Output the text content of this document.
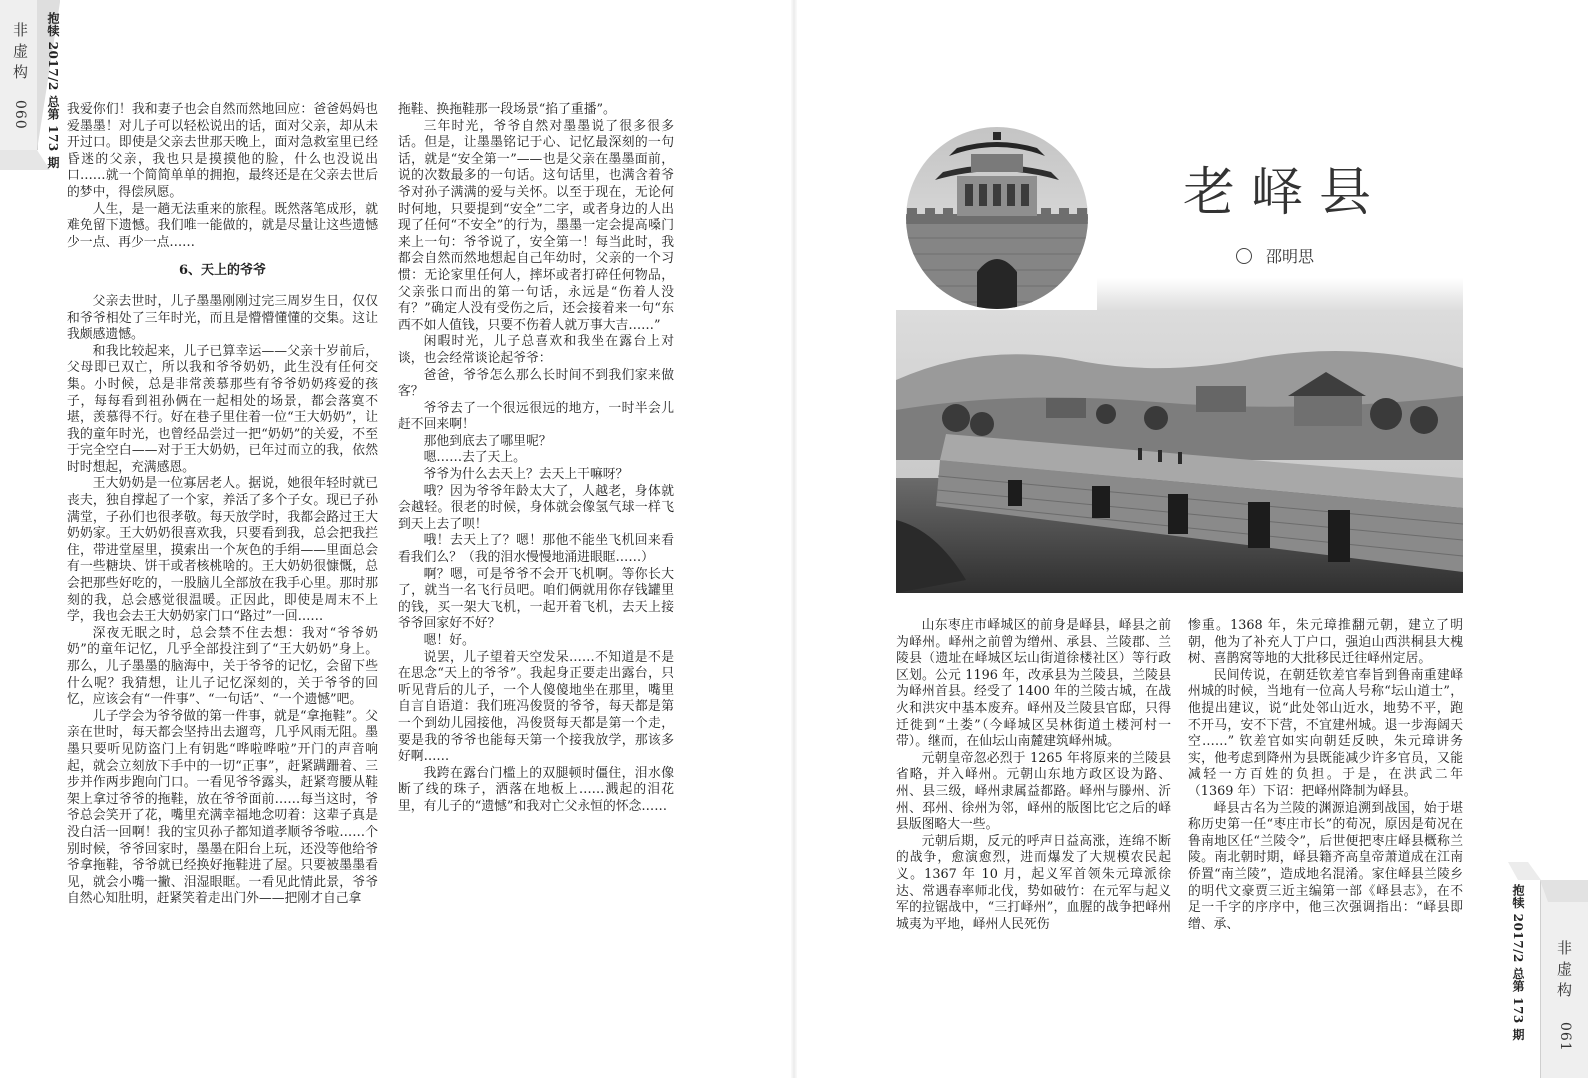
非虚构
060 抱犊 2017/2 总第 173 期 我爱你们！我和妻子也会自然而然地回应：爸爸妈妈也爱墨墨！对儿子可以轻松说出的话，面对父亲，却从未开过口。即使是父亲去世那天晚上，面对急救室里已经昏迷的父亲，我也只是摸摸他的脸，什么也没说出口……就一个简简单单的拥抱，最终还是在父亲去世后的梦中，得偿夙愿。

人生，是一趟无法重来的旅程。既然落笔成形，就难免留下遗憾。我们唯一能做的，就是尽量让这些遗憾少一点、再少一点……

6、天上的爷爷

父亲去世时，儿子墨墨刚刚过完三周岁生日，仅仅和爷爷相处了三年时光，而且是懵懵懂懂的交集。这让我颇感遗憾。

和我比较起来，儿子已算幸运——父亲十岁前后，父母即已双亡，所以我和爷爷奶奶，此生没有任何交集。小时候，总是非常羡慕那些有爷爷奶奶疼爱的孩子，每每看到祖孙俩在一起相处的场景，都会落寞不堪，羡慕得不行。好在巷子里住着一位“王大奶奶”，让我的童年时光，也曾经品尝过一把“奶奶”的关爱，不至于完全空白——对于王大奶奶，已年过而立的我，依然时时想起，充满感恩。

王大奶奶是一位寡居老人。据说，她很年轻时就已丧夫，独自撑起了一个家，养活了多个子女。现已子孙满堂，子孙们也很孝敬。每天放学时，我都会路过王大奶奶家。王大奶奶很喜欢我，只要看到我，总会把我拦住，带进堂屋里，摸索出一个灰色的手绢——里面总会有一些糖块、饼干或者核桃啥的。王大奶奶很慷慨，总会把那些好吃的，一股脑儿全部放在我手心里。那时那刻的我，总会感觉很温暖。正因此，即使是周末不上学，我也会去王大奶奶家门口“路过”一回……

深夜无眠之时，总会禁不住去想：我对“爷爷奶奶”的童年记忆，几乎全部投注到了“王大奶奶”身上。那么，儿子墨墨的脑海中，关于爷爷的记忆，会留下些什么呢？我猜想，让儿子记忆深刻的，关于爷爷的回忆，应该会有“一件事”、“一句话”、“一个遗憾”吧。

儿子学会为爷爷做的第一件事，就是“拿拖鞋”。父亲在世时，每天都会坚持出去遛弯，几乎风雨无阻。墨墨只要听见防盗门上有钥匙“哗啦哗啦”开门的声音响起，就会立刻放下手中的一切“正事”，赶紧蹒跚着、三步并作两步跑向门口。一看见爷爷露头，赶紧弯腰从鞋架上拿过爷爷的拖鞋，放在爷爷面前……每当这时，爷爷总会笑开了花，嘴里充满幸福地念叨着：这辈子真是没白活一回啊！我的宝贝孙子都知道孝顺爷爷啦……个别时候，爷爷回家时，墨墨在阳台上玩，还没等他给爷爷拿拖鞋，爷爷就已经换好拖鞋进了屋。只要被墨墨看见，就会小嘴一撇、泪湿眼眶。一看见此情此景，爷爷自然心知肚明，赶紧笑着走出门外——把刚才自己拿

拖鞋、换拖鞋那一段场景“掐了重播”。

三年时光，爷爷自然对墨墨说了很多很多话。但是，让墨墨铭记于心、记忆最深刻的一句话，就是“安全第一”——也是父亲在墨墨面前，说的次数最多的一句话。这句话里，也满含着爷爷对孙子满满的爱与关怀。以至于现在，无论何时何地，只要提到“安全”二字，或者身边的人出现了任何“不安全”的行为，墨墨一定会提高嗓门来上一句：爷爷说了，安全第一！每当此时，我都会自然而然地想起自己年幼时，父亲的一个习惯：无论家里任何人，摔坏或者打碎任何物品，父亲张口而出的第一句话，永远是“伤着人没有？”确定人没有受伤之后，还会接着来一句“东西不如人值钱，只要不伤着人就万事大吉……”

闲暇时光，儿子总喜欢和我坐在露台上对谈，也会经常谈论起爷爷：

爸爸，爷爷怎么那么长时间不到我们家来做客？

爷爷去了一个很远很远的地方，一时半会儿赶不回来啊！

那他到底去了哪里呢？

嗯……去了天上。

爷爷为什么去天上？去天上干嘛呀？

哦？因为爷爷年龄太大了，人越老，身体就会越轻。很老的时候，身体就会像氢气球一样飞到天上去了呗！

哦！去天上了？嗯！那他不能坐飞机回来看看我们么？（我的泪水慢慢地涌进眼眶……）

啊？嗯，可是爷爷不会开飞机啊。等你长大了，就当一名飞行员吧。咱们俩就用你存钱罐里的钱，买一架大飞机，一起开着飞机，去天上接爷爷回家好不好？

嗯！好。

说罢，儿子望着天空发呆……不知道是不是在思念“天上的爷爷”。我起身正要走出露台，只听见背后的儿子，一个人傻傻地坐在那里，嘴里自言自语道：我们班冯俊贤的爷爷，每天都是第一个到幼儿园接他，冯俊贤每天都是第一个走，要是我的爷爷也能每天第一个接我放学，那该多好啊……

我跨在露台门槛上的双腿顿时僵住，泪水像断了线的珠子，洒落在地板上……溅起的泪花里，有儿子的“遗憾”和我对亡父永恒的怀念……

老峄县
邵明思

山东枣庄市峄城区的前身是峄县，峄县之前为峄州。峄州之前曾为缯州、承县、兰陵郡、兰陵县（遗址在峄城区坛山街道徐楼社区）等行政区划。公元 1196 年，改承县为兰陵县，兰陵县为峄州首县。经受了 1400 年的兰陵古城，在战火和洪灾中基本废弃。峄州及兰陵县官邸，只得迁徙到“土娄”（今峄城区吴林街道土楼河村一带）。继而，在仙坛山南麓建筑峄州城。

元朝皇帝忽必烈于 1265 年将原来的兰陵县省略，并入峄州。元朝山东地方政区设为路、州、县三级，峄州隶属益都路。峄州与滕州、沂州、邳州、徐州为邻，峄州的版图比它之后的峄县版图略大一些。

元朝后期，反元的呼声日益高涨，连绵不断的战争，愈演愈烈，进而爆发了大规模农民起义。1367 年 10 月，起义军首领朱元璋派徐达、常遇春率师北伐，势如破竹：在元军与起义军的拉锯战中，“三打峄州”，血腥的战争把峄州城夷为平地，峄州人民死伤

惨重。1368 年，朱元璋推翻元朝，建立了明朝，他为了补充人丁户口，强迫山西洪桐县大槐树、喜鹊窝等地的大批移民迁往峄州定居。

民间传说，在朝廷钦差官奉旨到鲁南重建峄州城的时候，当地有一位高人号称“坛山道士”，他提出建议，说“此处邻山近水，地势不平，跑不开马，安不下营，不宜建州城。退一步海阔天空……” 钦差官如实向朝廷反映，朱元璋讲务实，他考虑到降州为县既能减少许多官员，又能减轻一方百姓的负担。于是，在洪武二年（1369 年）下诏：把峄州降制为峄县。

峄县古名为兰陵的渊源追溯到战国，始于堪称历史第一任“枣庄市长”的荀况，原因是荀况在鲁南地区任“兰陵令”，后世便把枣庄峄县概称兰陵。南北朝时期，峄县籍齐高皇帝萧道成在江南侨置“南兰陵”，造成地名混淆。家住峄县兰陵乡的明代文豪贾三近主编第一部《峄县志》，在不足一千字的序序中，他三次强调指出：“峄县即缯、承、	抱犊 2017/2 总第 173 期 非虚构
061
